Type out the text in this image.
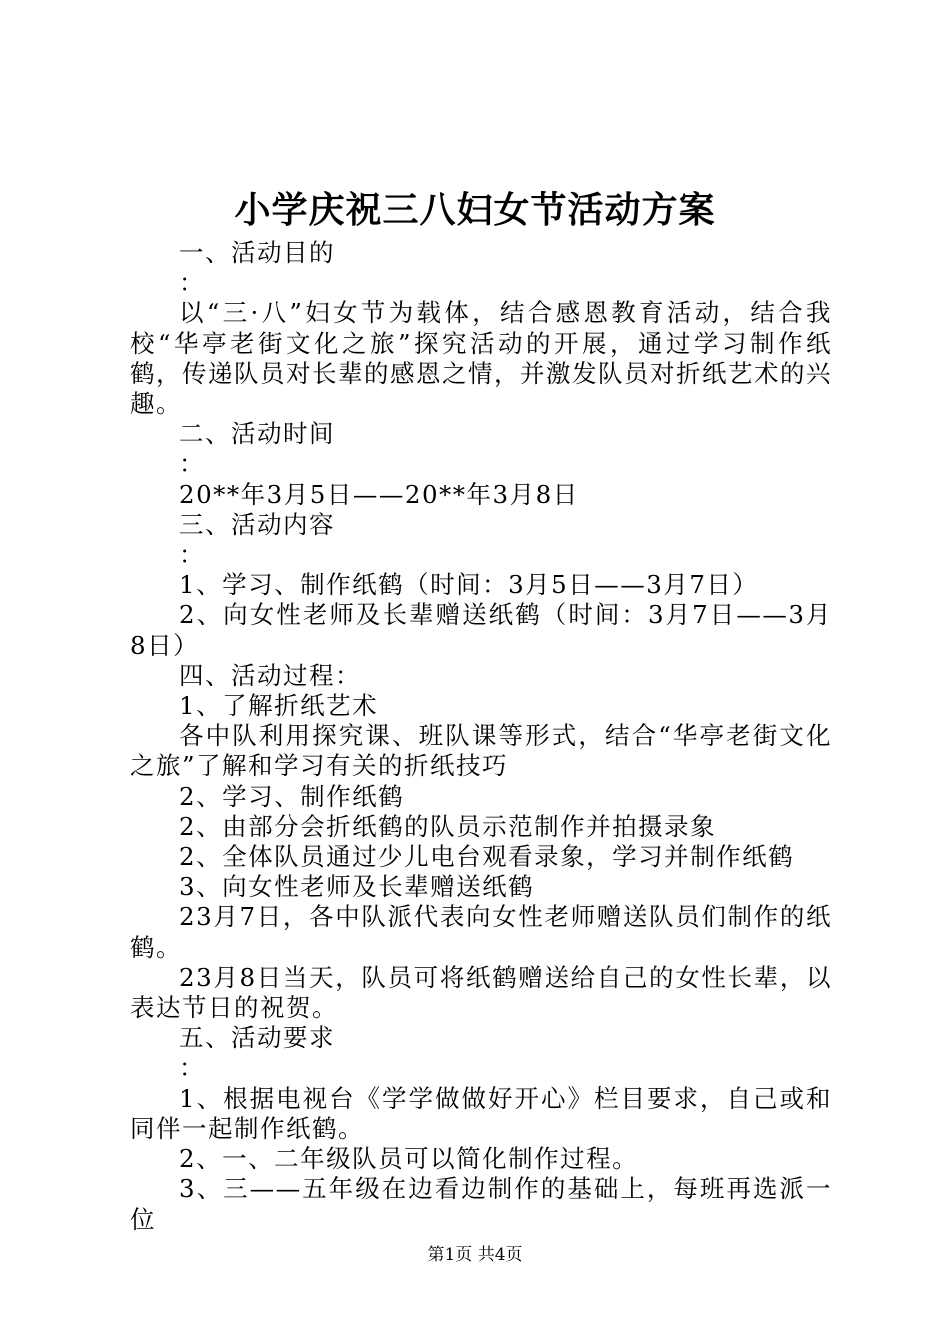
小学庆祝三八妇女节活动方案

一、活动目的

：

以“三·八”妇女节为载体，结合感恩教育活动，结合我校“华亭老街文化之旅”探究活动的开展，通过学习制作纸鹤，传递队员对长辈的感恩之情，并激发队员对折纸艺术的兴趣。

二、活动时间

：

20**年3月5日——20**年3月8日

三、活动内容

：

1、学习、制作纸鹤（时间：3月5日——3月7日）

2、向女性老师及长辈赠送纸鹤（时间：3月7日——3月8日）

四、活动过程：

1、了解折纸艺术

各中队利用探究课、班队课等形式，结合“华亭老街文化之旅”了解和学习有关的折纸技巧

2、学习、制作纸鹤

2、由部分会折纸鹤的队员示范制作并拍摄录象

2、全体队员通过少儿电台观看录象，学习并制作纸鹤

3、向女性老师及长辈赠送纸鹤

23月7日，各中队派代表向女性老师赠送队员们制作的纸鹤。

23月8日当天，队员可将纸鹤赠送给自己的女性长辈，以表达节日的祝贺。

五、活动要求

：

1、根据电视台《学学做做好开心》栏目要求，自己或和同伴一起制作纸鹤。

2、一、二年级队员可以简化制作过程。

3、三——五年级在边看边制作的基础上，每班再选派一位

第1页 共4页
